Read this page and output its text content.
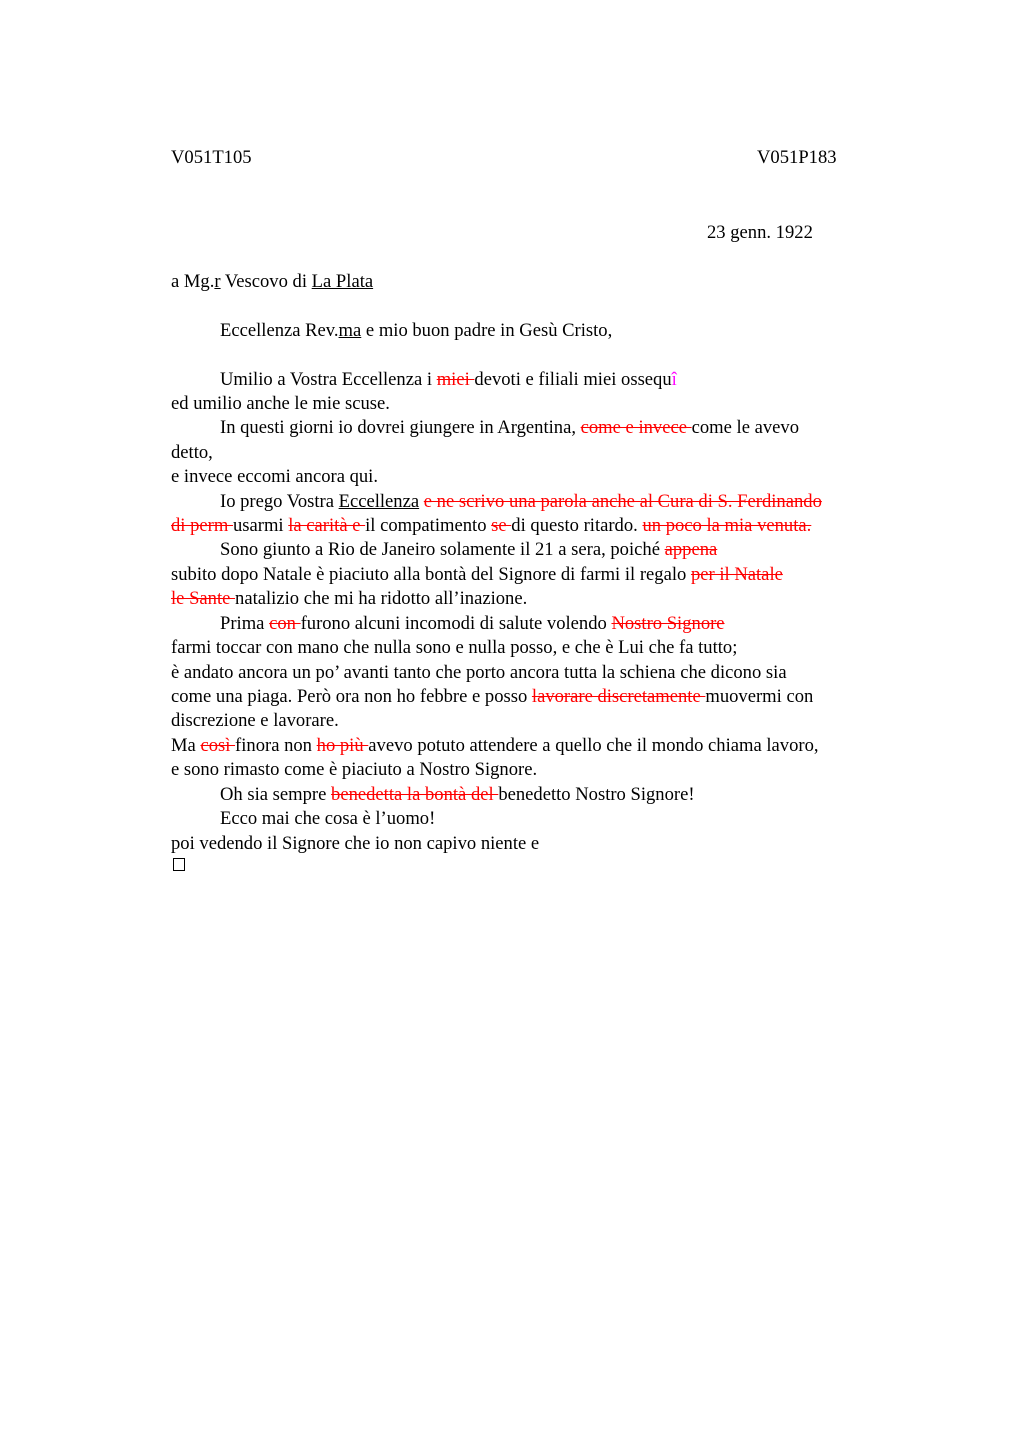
V051T105	V051P183
23 genn. 1922
a Mg.r Vescovo di La Plata
Eccellenza Rev.ma e mio buon padre in Gesù Cristo,
Umilio a Vostra Eccellenza i miei devoti e filiali miei ossequî
ed umilio anche le mie scuse.
In questi giorni io dovrei giungere in Argentina, come e invece come le avevo
detto,
e invece eccomi ancora qui.
Io prego Vostra Eccellenza e ne scrivo una parola anche al Cura di S. Ferdinando
di perm usarmi la carità e il compatimento se di questo ritardo. un poco la mia venuta.
Sono giunto a Rio de Janeiro solamente il 21 a sera, poiché appena
subito dopo Natale è piaciuto alla bontà del Signore di farmi il regalo per il Natale
le Sante natalizio che mi ha ridotto all’inazione.
Prima con furono alcuni incomodi di salute volendo Nostro Signore
farmi toccar con mano che nulla sono e nulla posso, e che è Lui che fa tutto;
è andato ancora un po’ avanti tanto che porto ancora tutta la schiena che dicono sia
come una piaga. Però ora non ho febbre e posso lavorare discretamente muovermi con
discrezione e lavorare.
Ma così finora non ho più avevo potuto attendere a quello che il mondo chiama lavoro,
e sono rimasto come è piaciuto a Nostro Signore.
Oh sia sempre benedetta la bontà del benedetto Nostro Signore!
Ecco mai che cosa è l’uomo!
poi vedendo il Signore che io non capivo niente e
